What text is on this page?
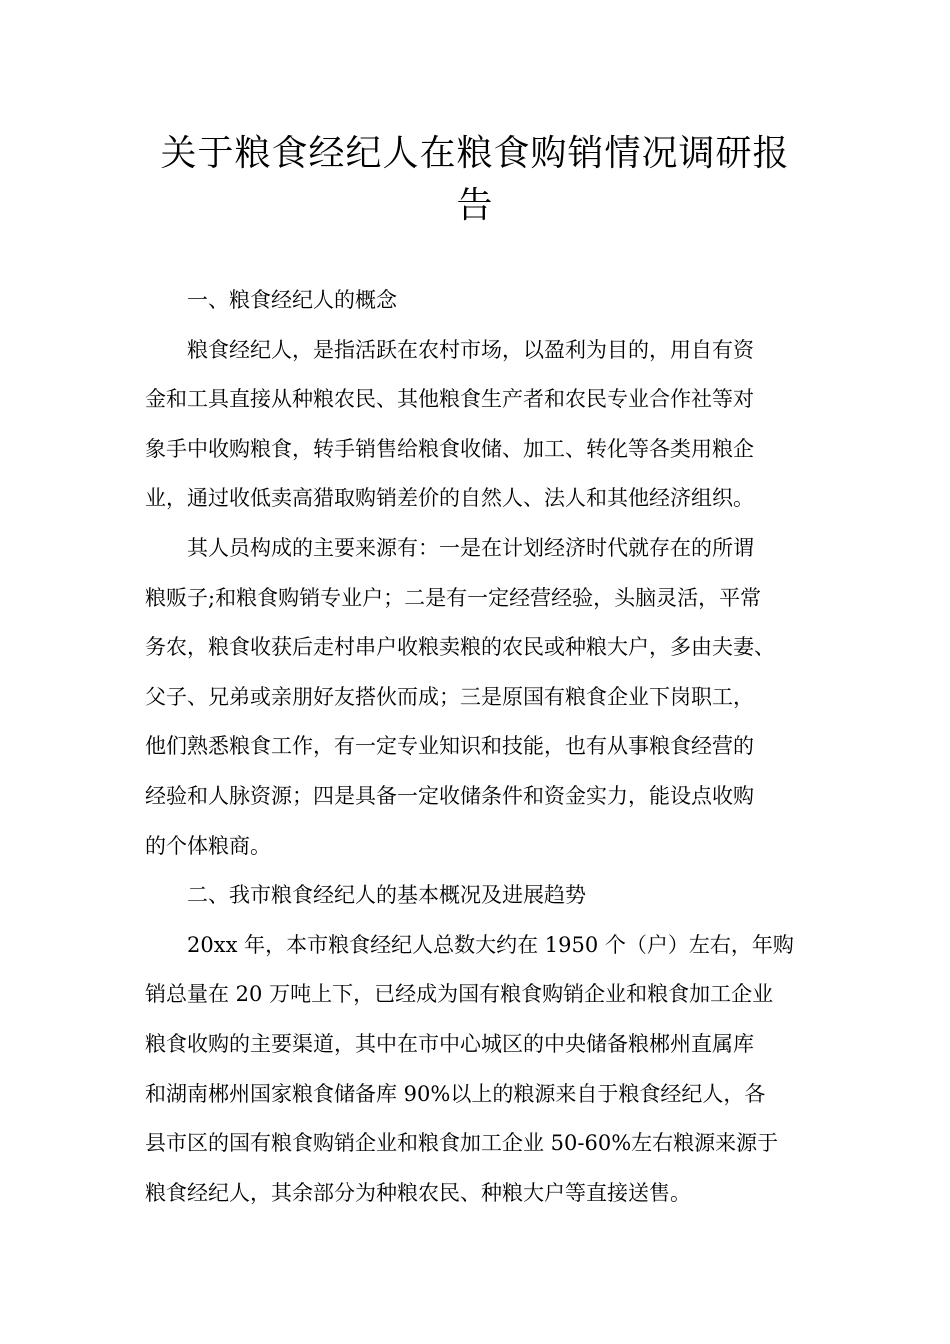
关于粮食经纪人在粮食购销情况调研报告

一、粮食经纪人的概念

粮食经纪人，是指活跃在农村市场，以盈利为目的，用自有资
金和工具直接从种粮农民、其他粮食生产者和农民专业合作社等对
象手中收购粮食，转手销售给粮食收储、加工、转化等各类用粮企
业，通过收低卖高猎取购销差价的自然人、法人和其他经济组织。

其人员构成的主要来源有：一是在计划经济时代就存在的所谓
粮贩子;和粮食购销专业户；二是有一定经营经验，头脑灵活，平常
务农，粮食收获后走村串户收粮卖粮的农民或种粮大户，多由夫妻、
父子、兄弟或亲朋好友搭伙而成；三是原国有粮食企业下岗职工，
他们熟悉粮食工作，有一定专业知识和技能，也有从事粮食经营的
经验和人脉资源；四是具备一定收储条件和资金实力，能设点收购
的个体粮商。

二、我市粮食经纪人的基本概况及进展趋势

20xx 年，本市粮食经纪人总数大约在 1950 个（户）左右，年购
销总量在 20 万吨上下，已经成为国有粮食购销企业和粮食加工企业
粮食收购的主要渠道，其中在市中心城区的中央储备粮郴州直属库
和湖南郴州国家粮食储备库 90%以上的粮源来自于粮食经纪人，各
县市区的国有粮食购销企业和粮食加工企业 50-60%左右粮源来源于
粮食经纪人，其余部分为种粮农民、种粮大户等直接送售。
